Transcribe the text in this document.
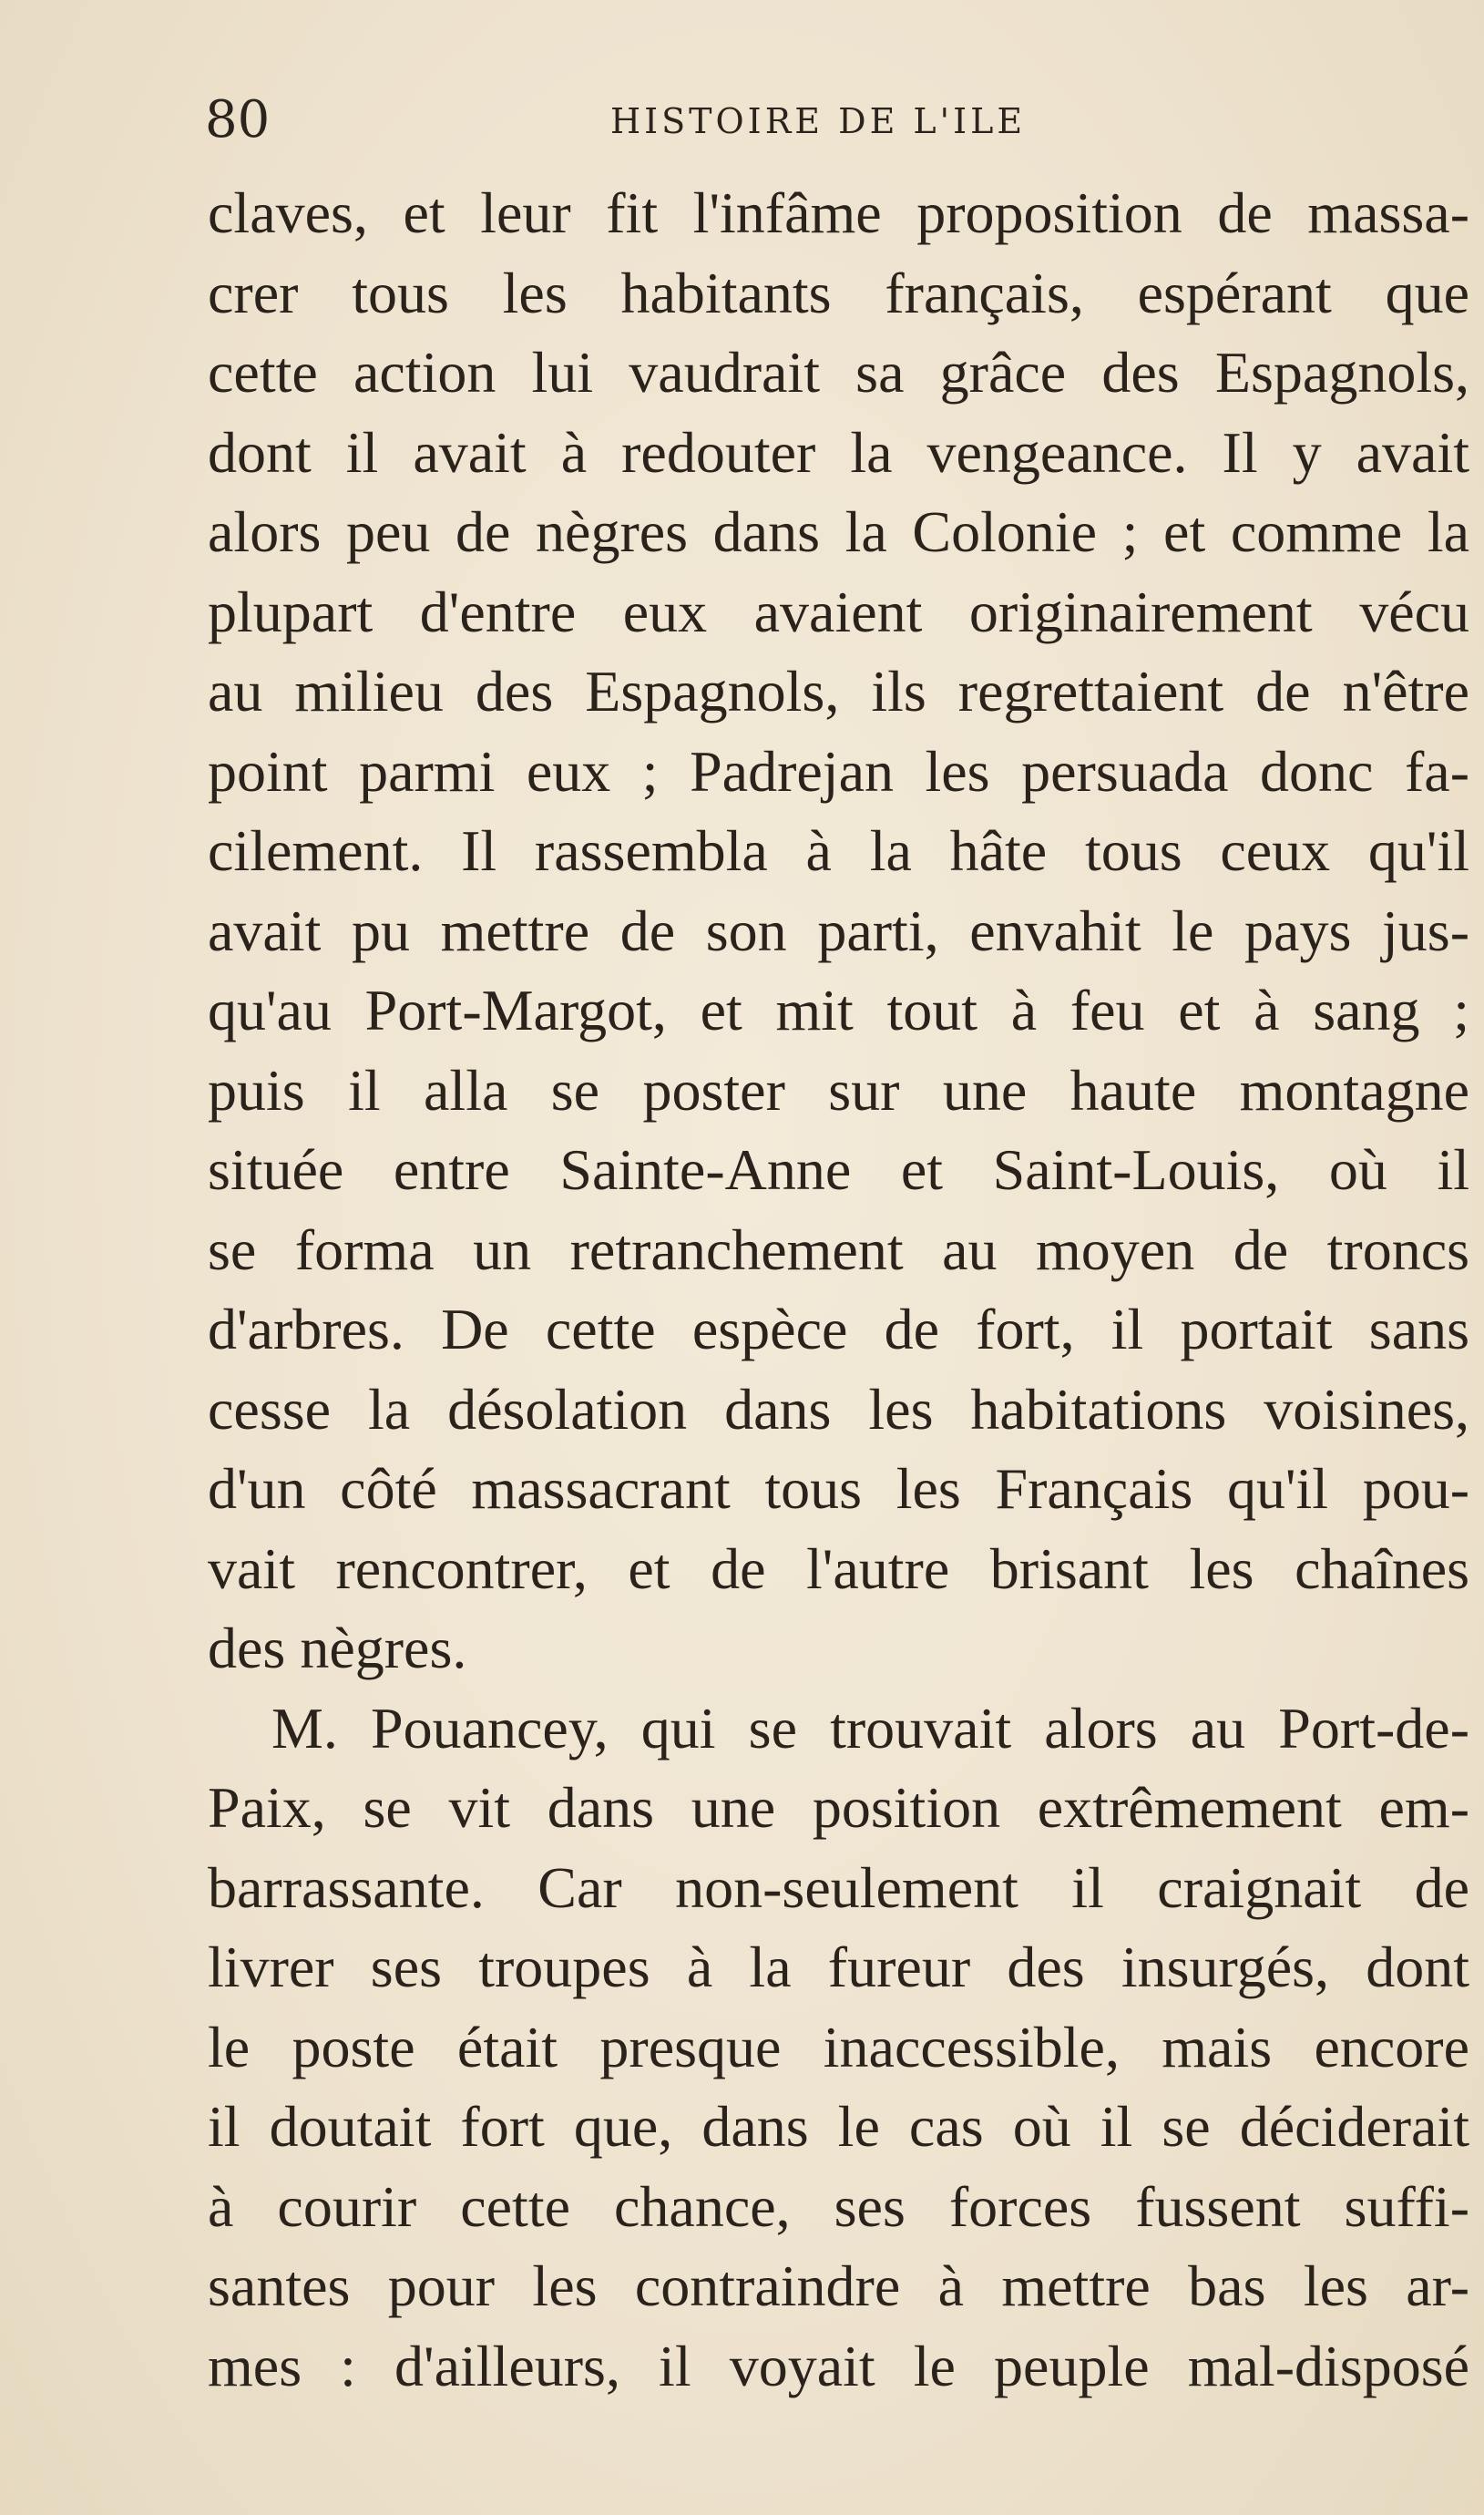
80	HISTOIRE DE L'ILE
claves, et leur fit l'infâme proposition de massa-
crer tous les habitants français, espérant que
cette action lui vaudrait sa grâce des Espagnols,
dont il avait à redouter la vengeance. Il y avait
alors peu de nègres dans la Colonie ; et comme la
plupart d'entre eux avaient originairement vécu
au milieu des Espagnols, ils regrettaient de n'être
point parmi eux ; Padrejan les persuada donc fa-
cilement. Il rassembla à la hâte tous ceux qu'il
avait pu mettre de son parti, envahit le pays jus-
qu'au Port-Margot, et mit tout à feu et à sang ;
puis il alla se poster sur une haute montagne
située entre Sainte-Anne et Saint-Louis, où il
se forma un retranchement au moyen de troncs
d'arbres. De cette espèce de fort, il portait sans
cesse la désolation dans les habitations voisines,
d'un côté massacrant tous les Français qu'il pou-
vait rencontrer, et de l'autre brisant les chaînes
des nègres.
M. Pouancey, qui se trouvait alors au Port-de-
Paix, se vit dans une position extrêmement em-
barrassante. Car non-seulement il craignait de
livrer ses troupes à la fureur des insurgés, dont
le poste était presque inaccessible, mais encore
il doutait fort que, dans le cas où il se déciderait
à courir cette chance, ses forces fussent suffi-
santes pour les contraindre à mettre bas les ar-
mes : d'ailleurs, il voyait le peuple mal-disposé
